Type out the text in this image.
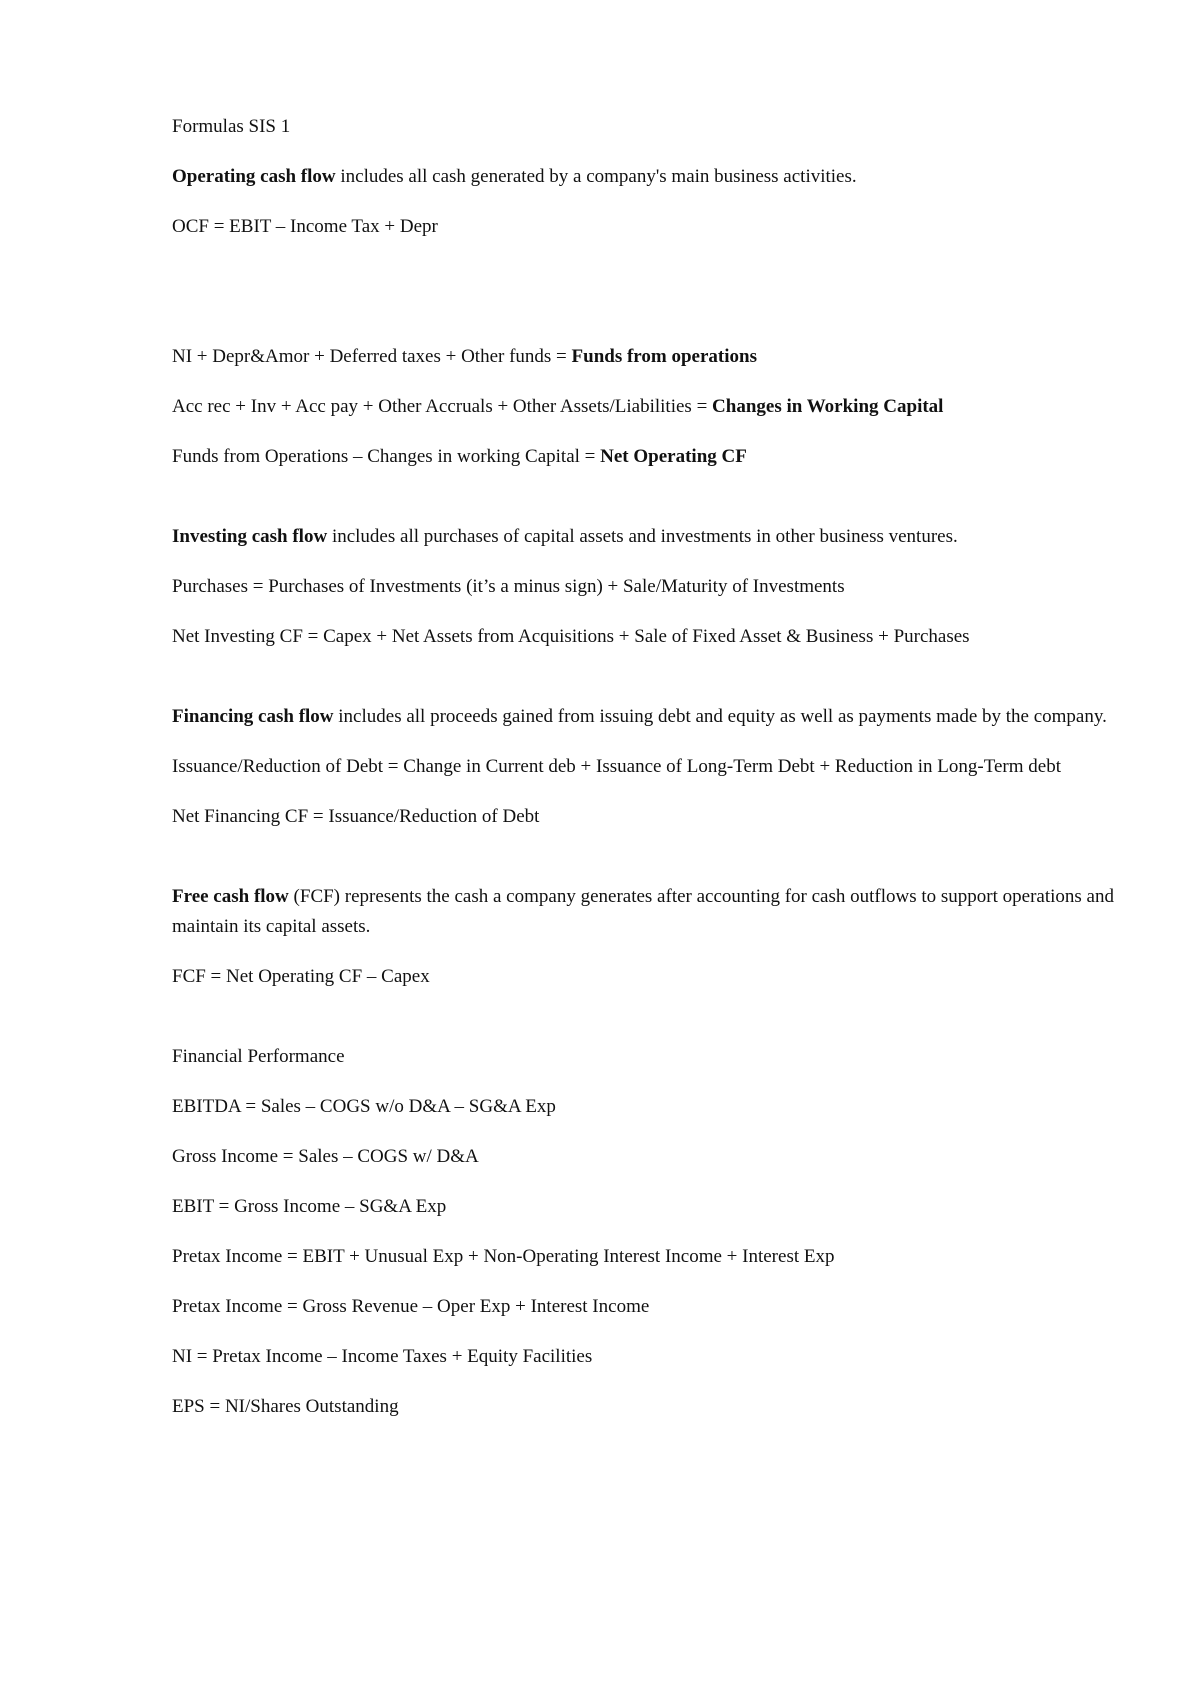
Formulas SIS 1

Operating cash flow includes all cash generated by a company's main business activities.

OCF = EBIT – Income Tax + Depr

NI + Depr&Amor + Deferred taxes + Other funds = Funds from operations

Acc rec + Inv + Acc pay + Other Accruals + Other Assets/Liabilities = Changes in Working Capital

Funds from Operations – Changes in working Capital = Net Operating CF

Investing cash flow includes all purchases of capital assets and investments in other business ventures.

Purchases = Purchases of Investments (it’s a minus sign) + Sale/Maturity of Investments

Net Investing CF = Capex + Net Assets from Acquisitions + Sale of Fixed Asset & Business + Purchases

Financing cash flow includes all proceeds gained from issuing debt and equity as well as payments made by the company.

Issuance/Reduction of Debt = Change in Current deb + Issuance of Long-Term Debt + Reduction in Long-Term debt

Net Financing CF = Issuance/Reduction of Debt

Free cash flow (FCF) represents the cash a company generates after accounting for cash outflows to support operations and maintain its capital assets.

FCF = Net Operating CF – Capex

Financial Performance

EBITDA = Sales – COGS w/o D&A – SG&A Exp

Gross Income = Sales – COGS w/ D&A

EBIT = Gross Income – SG&A Exp

Pretax Income = EBIT + Unusual Exp + Non-Operating Interest Income + Interest Exp

Pretax Income = Gross Revenue – Oper Exp + Interest Income

NI = Pretax Income – Income Taxes + Equity Facilities

EPS = NI/Shares Outstanding
